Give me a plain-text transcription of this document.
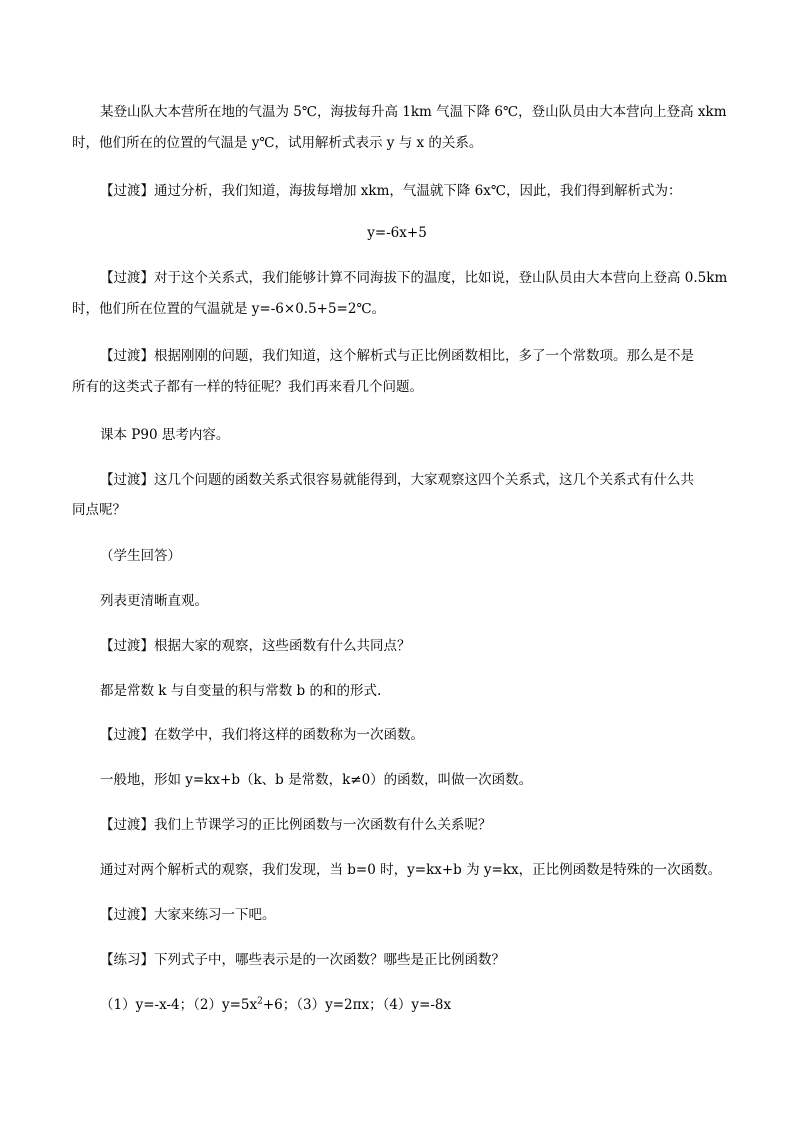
某登山队大本营所在地的气温为 5℃，海拔每升高 1km 气温下降 6℃，登山队员由大本营向上登高 xkm
时，他们所在的位置的气温是 y℃，试用解析式表示 y 与 x 的关系。
【过渡】通过分析，我们知道，海拔每增加 xkm，气温就下降 6x℃，因此，我们得到解析式为：
y=-6x+5
【过渡】对于这个关系式，我们能够计算不同海拔下的温度，比如说，登山队员由大本营向上登高 0.5km
时，他们所在位置的气温就是 y=-6×0.5+5=2℃。
【过渡】根据刚刚的问题，我们知道，这个解析式与正比例函数相比，多了一个常数项。那么是不是
所有的这类式子都有一样的特征呢？我们再来看几个问题。
课本 P90 思考内容。
【过渡】这几个问题的函数关系式很容易就能得到，大家观察这四个关系式，这几个关系式有什么共
同点呢？
（学生回答）
列表更清晰直观。
【过渡】根据大家的观察，这些函数有什么共同点？
都是常数 k 与自变量的积与常数 b 的和的形式.
【过渡】在数学中，我们将这样的函数称为一次函数。
一般地，形如 y=kx+b（k、b 是常数，k≠0）的函数，叫做一次函数。
【过渡】我们上节课学习的正比例函数与一次函数有什么关系呢？
通过对两个解析式的观察，我们发现，当 b=0 时，y=kx+b 为 y=kx，正比例函数是特殊的一次函数。
【过渡】大家来练习一下吧。
【练习】下列式子中，哪些表示是的一次函数？哪些是正比例函数？
（1）y=-x-4；$(2)y=5x^2+6$；（3）y=2πx；（4）y=-8x
